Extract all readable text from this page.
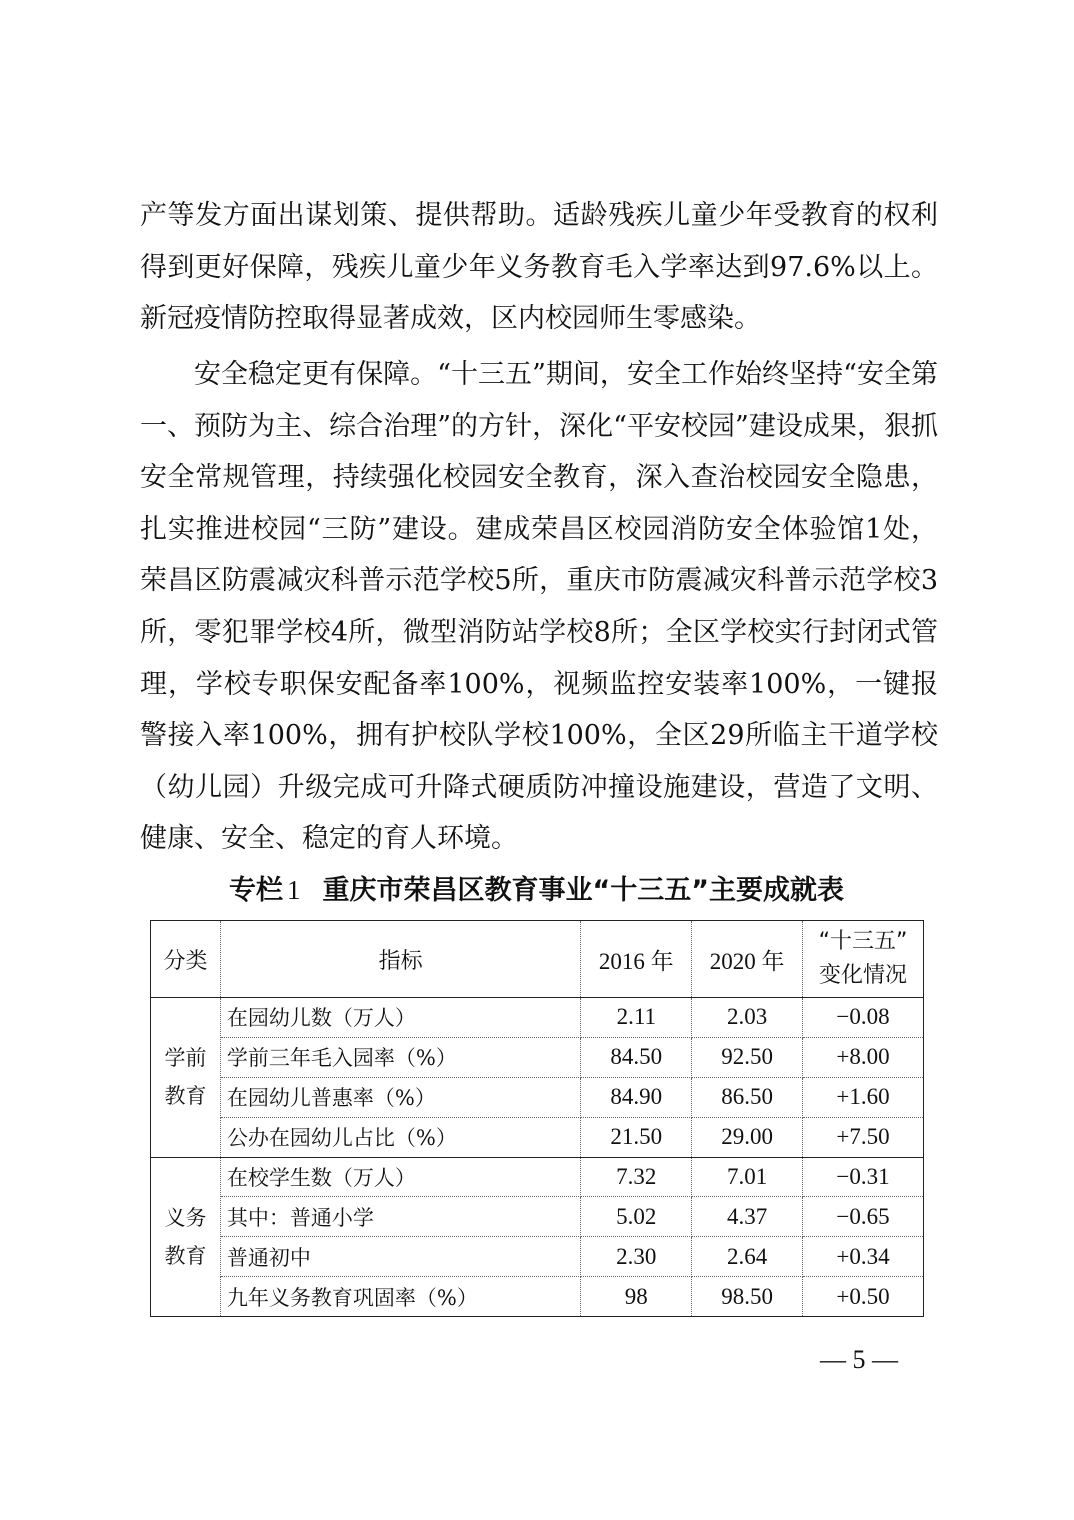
产等发方面出谋划策、提供帮助。适龄残疾儿童少年受教育的权利得到更好保障，残疾儿童少年义务教育毛入学率达到97.6%以上。新冠疫情防控取得显著成效，区内校园师生零感染。

安全稳定更有保障。“十三五”期间，安全工作始终坚持“安全第一、预防为主、综合治理”的方针，深化“平安校园”建设成果，狠抓安全常规管理，持续强化校园安全教育，深入查治校园安全隐患，扎实推进校园“三防”建设。建成荣昌区校园消防安全体验馆1处，荣昌区防震减灾科普示范学校5所，重庆市防震减灾科普示范学校3所，零犯罪学校4所，微型消防站学校8所；全区学校实行封闭式管理，学校专职保安配备率100%，视频监控安装率100%，一键报警接入率100%，拥有护校队学校100%，全区29所临主干道学校（幼儿园）升级完成可升降式硬质防冲撞设施建设，营造了文明、健康、安全、稳定的育人环境。

专栏 1 重庆市荣昌区教育事业“十三五”主要成就表
分类	指标	2016 年	2020 年	“十三五”
变化情况

学前
教育	在园幼儿数（万人）	2.11	2.03	−0.08
	学前三年毛入园率（%）	84.50	92.50	+8.00
	在园幼儿普惠率（%）	84.90	86.50	+1.60
	公办在园幼儿占比（%）	21.50	29.00	+7.50

义务
教育	在校学生数（万人）	7.32	7.01	−0.31
	其中：普通小学	5.02	4.37	−0.65
	普通初中	2.30	2.64	+0.34
	九年义务教育巩固率（%）	98	98.50	+0.50
— 5 —
